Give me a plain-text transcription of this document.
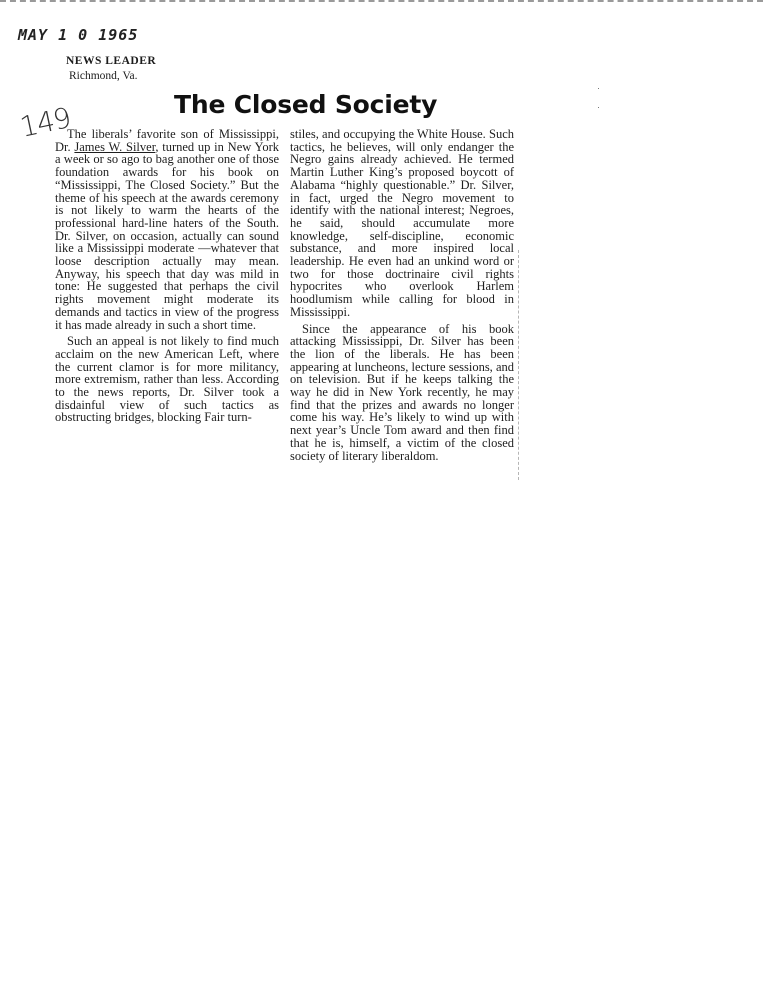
MAY 1 0 1965
NEWS LEADER
Richmond, Va.
149	The Closed Society

The liberals’ favorite son of Mississippi, Dr. James W. Silver, turned up in New York a week or so ago to bag another one of those foundation awards for his book on “Mississippi, The Closed Society.” But the theme of his speech at the awards ceremony is not likely to warm the hearts of the professional hard-line haters of the South. Dr. Silver, on occasion, actually can sound like a Mississippi moderate —whatever that loose description actually may mean. Anyway, his speech that day was mild in tone: He suggested that perhaps the civil rights movement might moderate its demands and tactics in view of the progress it has made already in such a short time.

Such an appeal is not likely to find much acclaim on the new American Left, where the current clamor is for more militancy, more extremism, rather than less. According to the news reports, Dr. Silver took a disdainful view of such tactics as obstructing bridges, blocking Fair turn-

stiles, and occupying the White House. Such tactics, he believes, will only endanger the Negro gains already achieved. He termed Martin Luther King’s proposed boycott of Alabama “highly questionable.” Dr. Silver, in fact, urged the Negro movement to identify with the national interest; Negroes, he said, should accumulate more knowledge, self-discipline, economic substance, and more inspired local leadership. He even had an unkind word or two for those doctrinaire civil rights hypocrites who overlook Harlem hoodlumism while calling for blood in Mississippi.

Since the appearance of his book attacking Mississippi, Dr. Silver has been the lion of the liberals. He has been appearing at luncheons, lecture sessions, and on television. But if he keeps talking the way he did in New York recently, he may find that the prizes and awards no longer come his way. He’s likely to wind up with next year’s Uncle Tom award and then find that he is, himself, a victim of the closed society of literary liberaldom.
